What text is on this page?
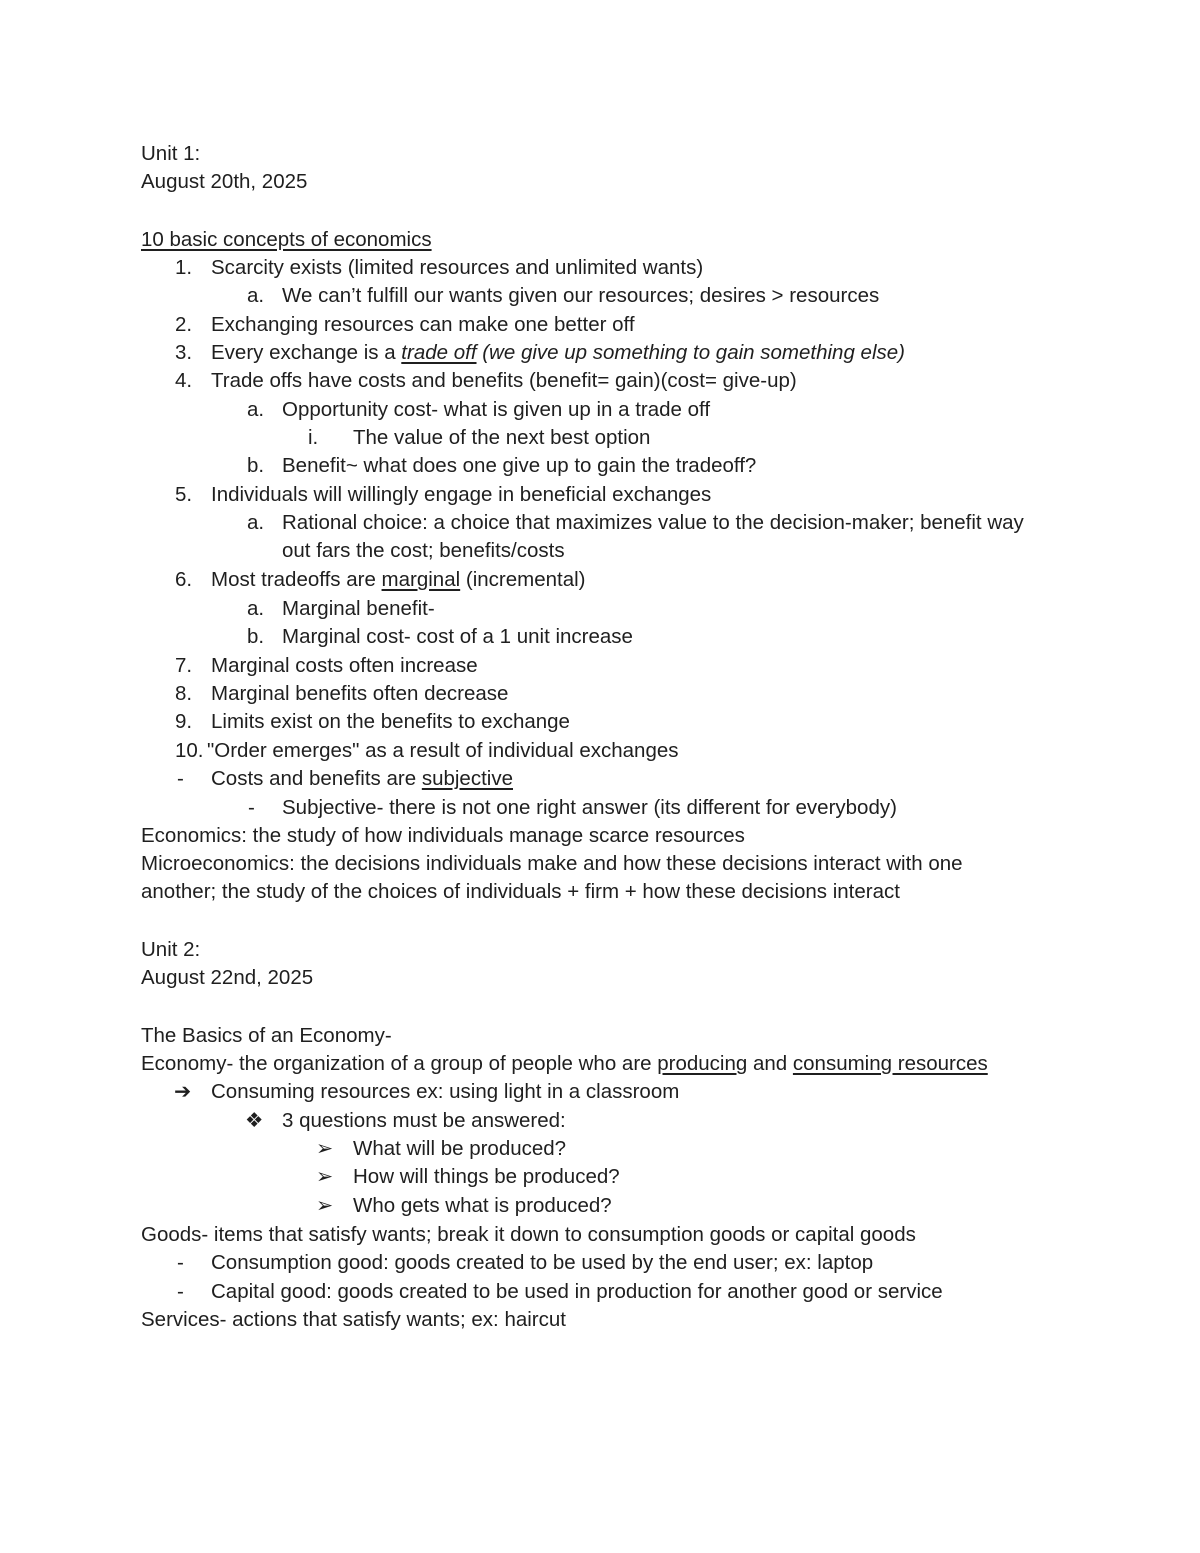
Unit 1:
August 20th, 2025
10 basic concepts of economics
1. Scarcity exists (limited resources and unlimited wants)
a. We can’t fulfill our wants given our resources; desires > resources
2. Exchanging resources can make one better off
3. Every exchange is a trade off (we give up something to gain something else)
4. Trade offs have costs and benefits (benefit= gain)(cost= give-up)
a. Opportunity cost- what is given up in a trade off
i. The value of the next best option
b. Benefit~ what does one give up to gain the tradeoff?
5. Individuals will willingly engage in beneficial exchanges
a. Rational choice: a choice that maximizes value to the decision-maker; benefit way out fars the cost; benefits/costs
6. Most tradeoffs are marginal (incremental)
a. Marginal benefit-
b. Marginal cost- cost of a 1 unit increase
7. Marginal costs often increase
8. Marginal benefits often decrease
9. Limits exist on the benefits to exchange
10. "Order emerges" as a result of individual exchanges
- Costs and benefits are subjective
- Subjective- there is not one right answer (its different for everybody)
Economics: the study of how individuals manage scarce resources
Microeconomics: the decisions individuals make and how these decisions interact with one another; the study of the choices of individuals + firm + how these decisions interact
Unit 2:
August 22nd, 2025
The Basics of an Economy-
Economy- the organization of a group of people who are producing and consuming resources
➔ Consuming resources ex: using light in a classroom
❖ 3 questions must be answered:
➢ What will be produced?
➢ How will things be produced?
➢ Who gets what is produced?
Goods- items that satisfy wants; break it down to consumption goods or capital goods
- Consumption good: goods created to be used by the end user; ex: laptop
- Capital good: goods created to be used in production for another good or service
Services- actions that satisfy wants; ex: haircut
